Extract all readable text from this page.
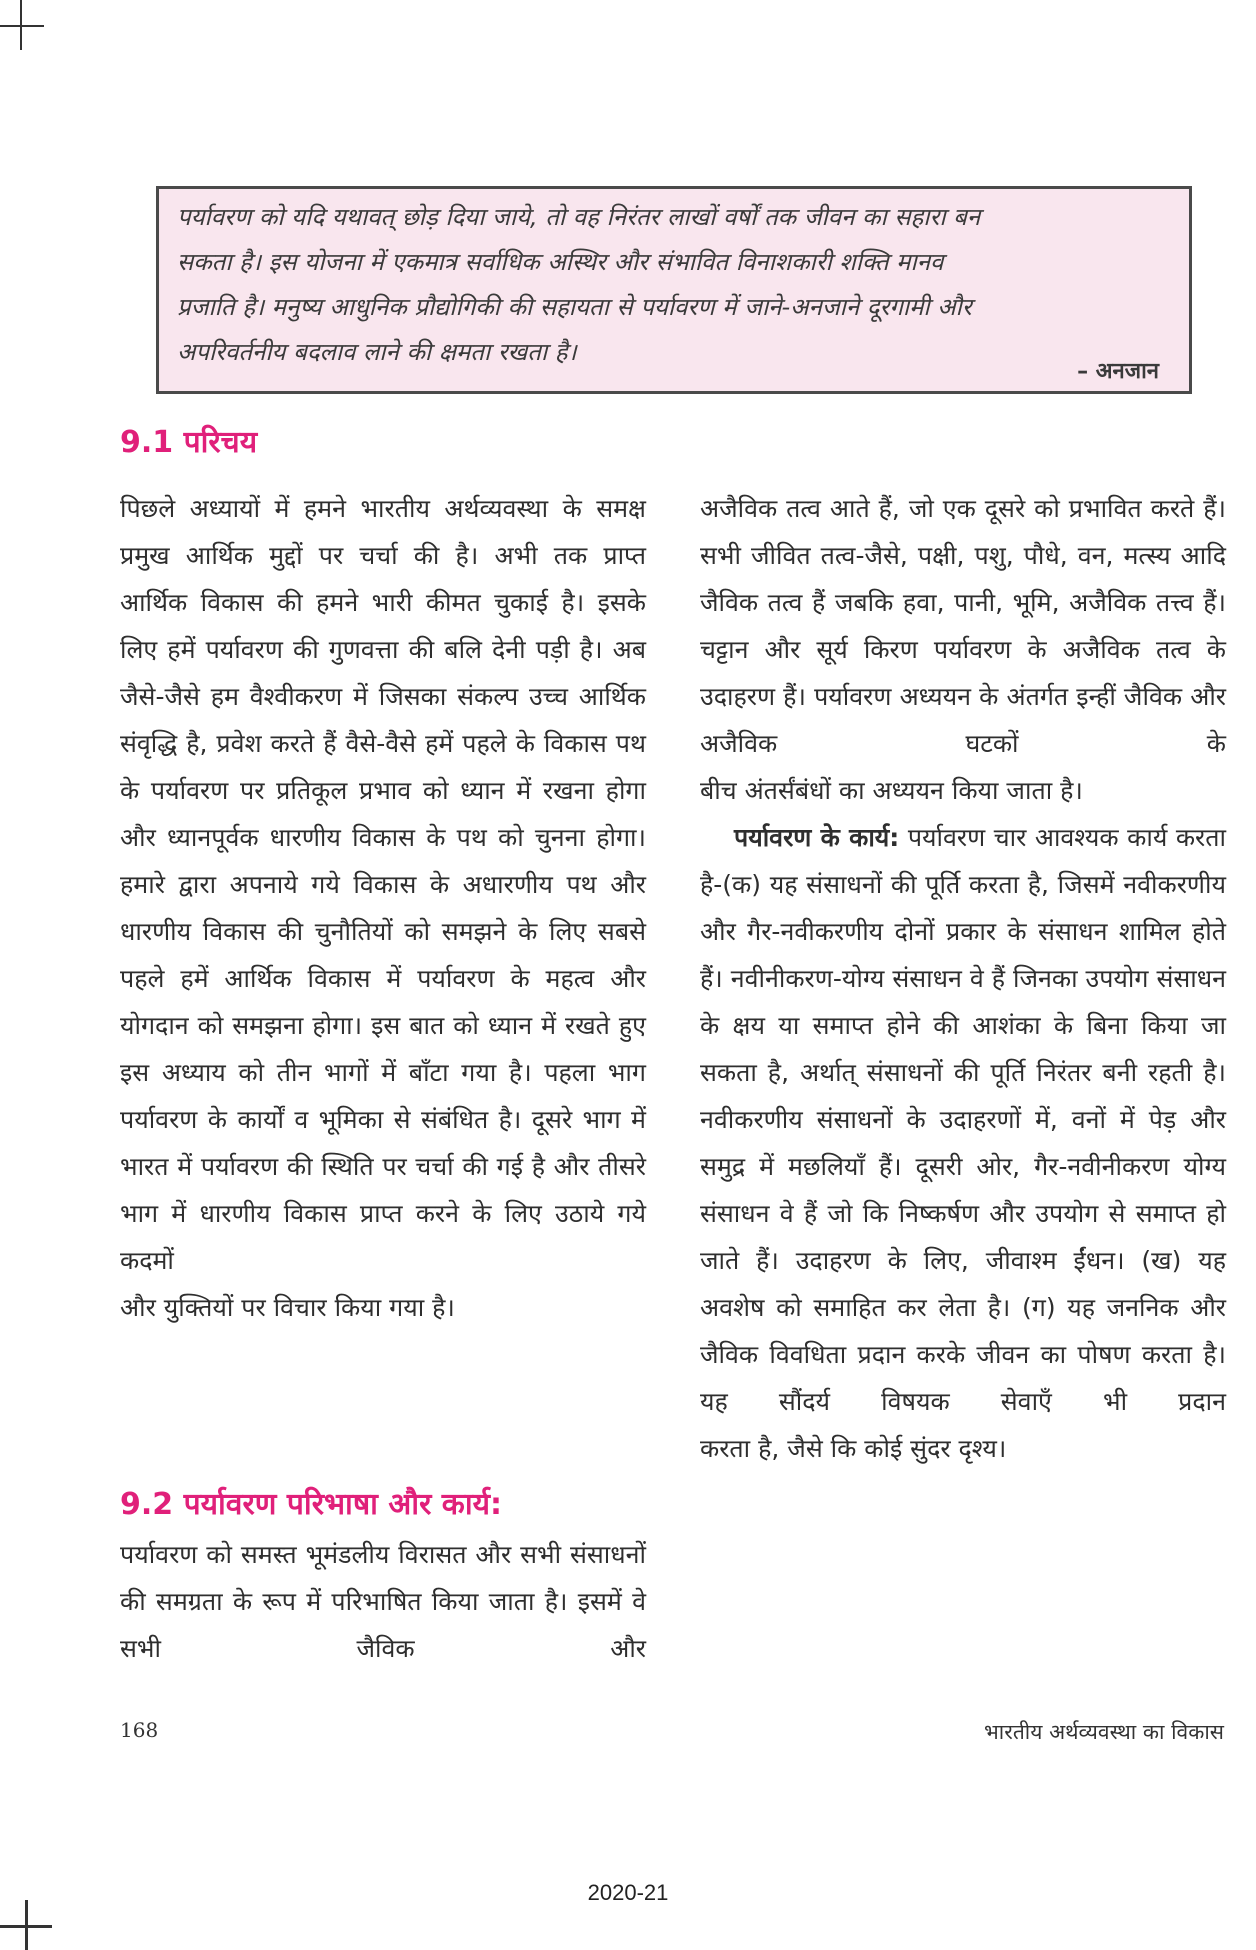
पर्यावरण को यदि यथावत् छोड़ दिया जाये, तो वह निरंतर लाखों वर्षों तक जीवन का सहारा बन
सकता है। इस योजना में एकमात्र सर्वाधिक अस्थिर और संभावित विनाशकारी शक्ति मानव
प्रजाति है। मनुष्य आधुनिक प्रौद्योगिकी की सहायता से पर्यावरण में जाने-अनजाने दूरगामी और
अपरिवर्तनीय बदलाव लाने की क्षमता रखता है।

– अनजान
9.1 परिचय

पिछले अध्यायों में हमने भारतीय अर्थव्यवस्था के समक्ष प्रमुख आर्थिक मुद्दों पर चर्चा की है। अभी तक प्राप्त आर्थिक विकास की हमने भारी कीमत चुकाई है। इसके लिए हमें पर्यावरण की गुणवत्ता की बलि देनी पड़ी है। अब जैसे-जैसे हम वैश्वीकरण में जिसका संकल्प उच्च आर्थिक संवृद्धि है, प्रवेश करते हैं वैसे-वैसे हमें पहले के विकास पथ के पर्यावरण पर प्रतिकूल प्रभाव को ध्यान में रखना होगा और ध्यानपूर्वक धारणीय विकास के पथ को चुनना होगा। हमारे द्वारा अपनाये गये विकास के अधारणीय पथ और धारणीय विकास की चुनौतियों को समझने के लिए सबसे पहले हमें आर्थिक विकास में पर्यावरण के महत्व और योगदान को समझना होगा। इस बात को ध्यान में रखते हुए इस अध्याय को तीन भागों में बाँटा गया है। पहला भाग पर्यावरण के कार्यों व भूमिका से संबंधित है। दूसरे भाग में भारत में पर्यावरण की स्थिति पर चर्चा की गई है और तीसरे भाग में धारणीय विकास प्राप्त करने के लिए उठाये गये कदमों

और युक्तियों पर विचार किया गया है।

9.2 पर्यावरण परिभाषा और कार्य:

पर्यावरण को समस्त भूमंडलीय विरासत और सभी संसाधनों की समग्रता के रूप में परिभाषित किया जाता है। इसमें वे सभी जैविक और

अजैविक तत्व आते हैं, जो एक दूसरे को प्रभावित करते हैं। सभी जीवित तत्व-जैसे, पक्षी, पशु, पौधे, वन, मत्स्य आदि जैविक तत्व हैं जबकि हवा, पानी, भूमि, अजैविक तत्त्व हैं। चट्टान और सूर्य किरण पर्यावरण के अजैविक तत्व के उदाहरण हैं। पर्यावरण अध्ययन के अंतर्गत इन्हीं जैविक और अजैविक घटकों के

बीच अंतर्संबंधों का अध्ययन किया जाता है।

पर्यावरण के कार्य: पर्यावरण चार आवश्यक कार्य करता है-(क) यह संसाधनों की पूर्ति करता है, जिसमें नवीकरणीय और गैर-नवीकरणीय दोनों प्रकार के संसाधन शामिल होते हैं। नवीनीकरण-योग्य संसाधन वे हैं जिनका उपयोग संसाधन के क्षय या समाप्त होने की आशंका के बिना किया जा सकता है, अर्थात् संसाधनों की पूर्ति निरंतर बनी रहती है। नवीकरणीय संसाधनों के उदाहरणों में, वनों में पेड़ और समुद्र में मछलियाँ हैं। दूसरी ओर, गैर-नवीनीकरण योग्य संसाधन वे हैं जो कि निष्कर्षण और उपयोग से समाप्त हो जाते हैं। उदाहरण के लिए, जीवाश्म ईंधन। (ख) यह अवशेष को समाहित कर लेता है। (ग) यह जननिक और जैविक विवधिता प्रदान करके जीवन का पोषण करता है। यह सौंदर्य विषयक सेवाएँ भी प्रदान

करता है, जैसे कि कोई सुंदर दृश्य।

168	भारतीय अर्थव्यवस्था का विकास
2020-21
